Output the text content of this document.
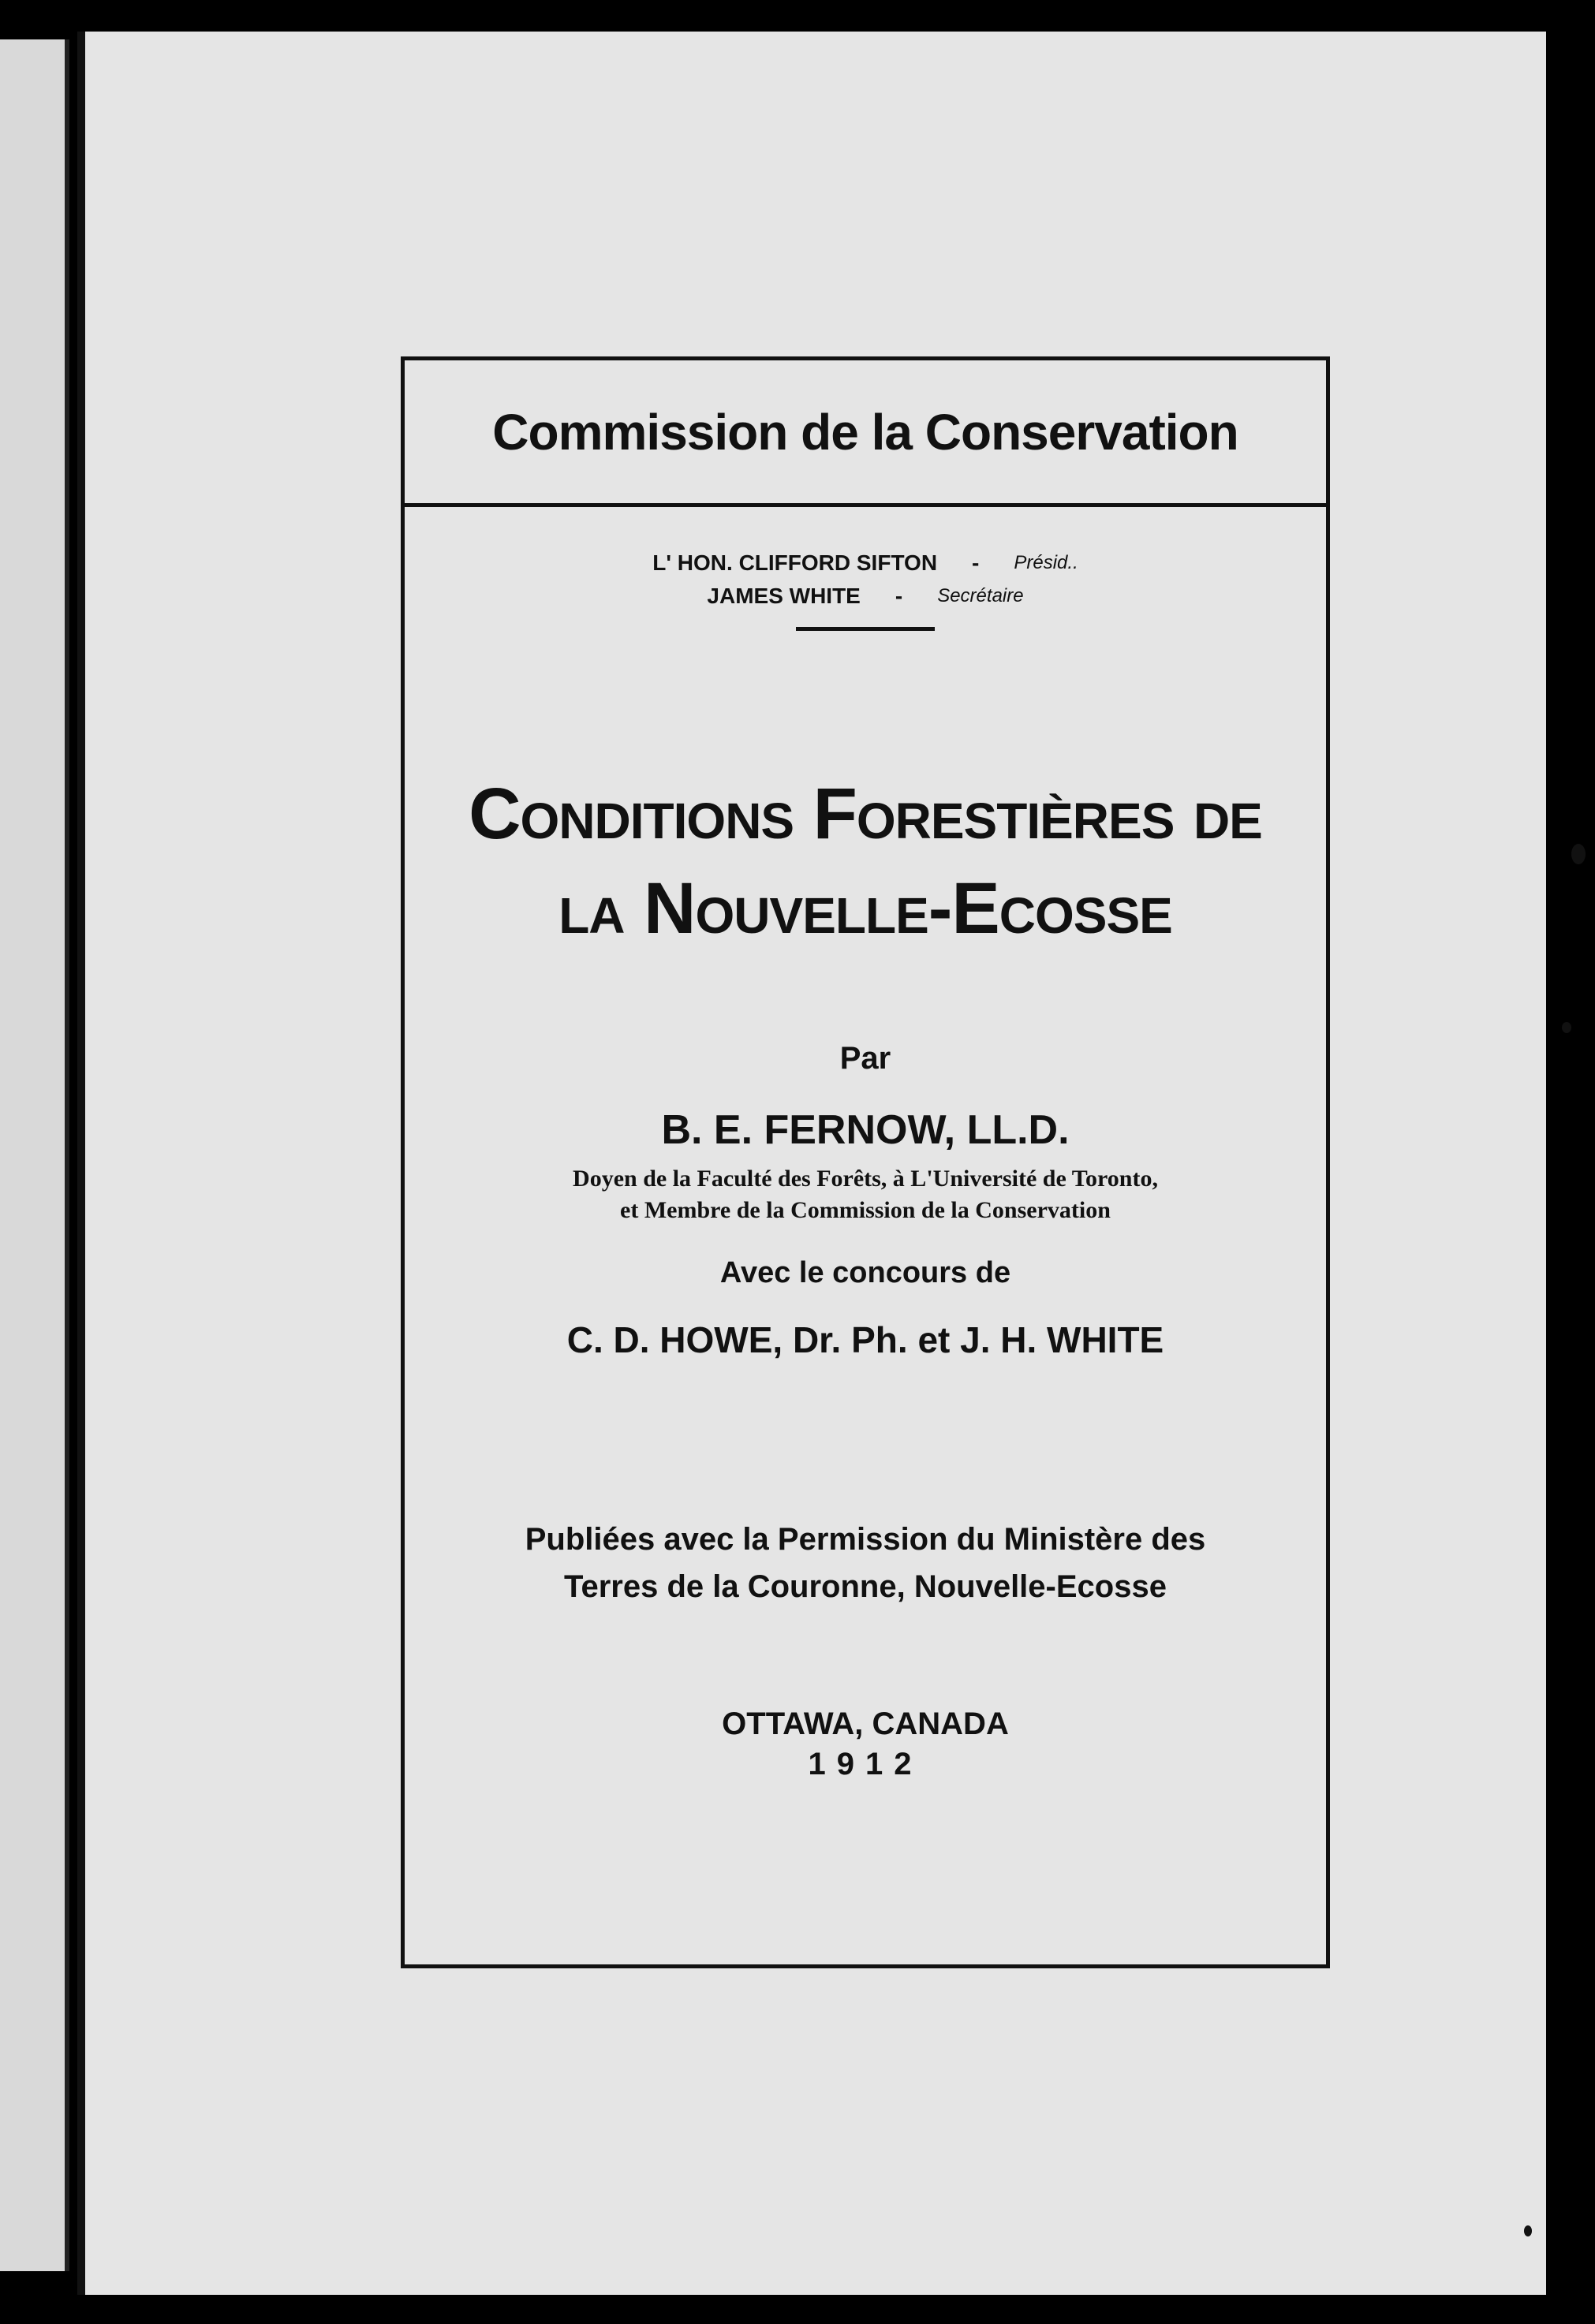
Commission de la Conservation
L' HON. CLIFFORD SIFTON - Présid..
JAMES WHITE - Secrétaire
Conditions Forestières de
la Nouvelle-Ecosse
Par
B. E. FERNOW, LL.D.
Doyen de la Faculté des Forêts, à L'Université de Toronto,
et Membre de la Commission de la Conservation
Avec le concours de
C. D. HOWE, Dr. Ph. et J. H. WHITE
Publiées avec la Permission du Ministère des
Terres de la Couronne, Nouvelle-Ecosse
OTTAWA, CANADA
1912
